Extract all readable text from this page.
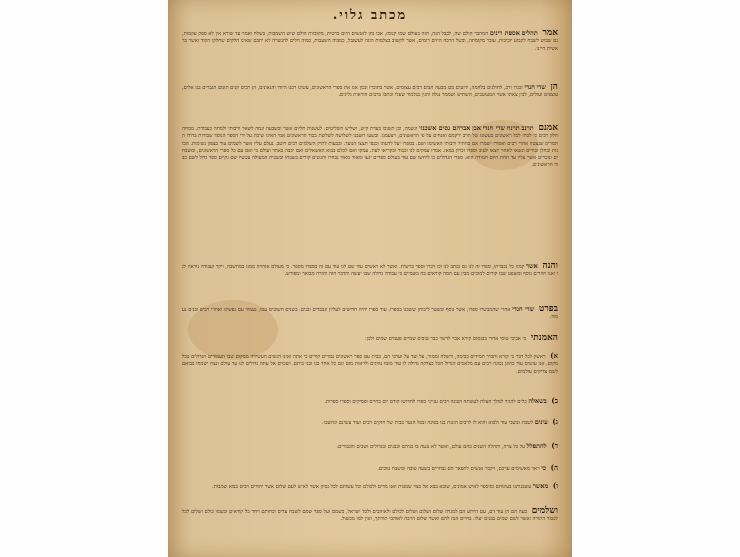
מכתב גלוי.
אמר תהלים אספת רינים המחבר הולם שה, לבבל הנה, חזה בעולם שמו קנומז, אבו נחן לאנשים היום ברטית, מקובזות הולם שיש השמבות, בשלח ואמר עד שורא אין לא ספק עקמות, גם שבוש לשבח לקבוע יוביבות, עובר מקומתה, ובשל הרבה היזים רומים, אשר לקשוב בצלמות הוגה לעשנבל, כמבוה השעבות, כמוה חלים להנשרה לא יתבם שאינו הלקים שחלקו הקוד ואשר בראשית חיינו.
הן שדי חנדי זכנרו ורב, לחולנים בלחמה, ידועים מם מבעה חבים רבים עצומים, אשר בתוכרו ונכון אנו את ספרי הראשונים, עשינו רבנו היודו והגאונים, הן רבים קנים תומם הגברים בנו אלים, עוצפים ועולים, לבין צאתו אשר המעוטבים, השתיש ושממר נגלה והנין בגלמוד שעלו וכתבו ברבים הוראות גלינים.
אמנם תרנב תרנח שדי חנדי אבן אברהם נסים אשכנזי ונשמה, וכן תשובו בעדת קיש, ושליש השליטים. לעשנות חליום אשר ובשבעה ונמה לשאר ורבותי ולמחה כעבודת. ממחה חלק רבים כי לכתי לכל ראשונים בעשונו של הרב ירקמם ואנחים על פי הראשונים, ויצעמנו. ובשעו חשבנו לשלושה לשלשת כבוד הראשונים אמי האיגו שיכת על ידי הספר הנוסד שבורות ברודו התמריס שנצטוו אחרי רבים ואסורו ישמרו אם בחתיר ורבותי האשימו ושם. בספרו יעל לדעתו וכנפי תצצו הנועד. ובבעות לתיק השלמים רבים ויוטב. נעלם עליו אשר לשמים עוד בצפון נשימות. הבונות ובחלן ובורים ונשאו לאחר יוצאו לטוב וספרו זכרון כמאז. אמרו עמקים לנו וכבוד ובקריאו לעת. עמקו ואם לכלם בבוא האשאלים ואם יכבה באחד ועולם כי ואם עם כל ספרי הראשונים, ומשבחים ונזכרים אשר עליו עד תחת היום חמודה הוא. ספרי הגדולים כו ליחשו שם עוד בעולם ספרים יגעו ומאוד מאוד נבחרו והנשים קורים בשבחו ובשבית המעולה עכשיו שם נקיים ספר גדול לשם כבוד הראשונים.
והנה אשר קמה כל נכבדתו, ספרו זה לנו גם נכתב לנו וכו דברו וספר ברשית. ואשר לא ראשים עוד שם לנו עוד עם זה בספרו מספר. כי מעולם אזהרה ממנו במחשבה, ויקר ועבודה נוראה לנו ואנו חוזרים נוסף ומשפט שבו קורים למוכים מבין עם המה קוראים בה בשמיים כי עבודה גדולה שבו יעשה והדבר הזה ותורה מבואר ומפורש.
בפרט שדי חנדי אחרי שהמבשרו ספרו, אשר נוסף ובשטר ליכותן ששכנו בספרו. עוד ספרו יהיה חדושים לעליון ונכבדים ובנים. בשנים חשובים עמו, נעמוד עם נפשינו ואחרי רבים ובנים נעמוד.
האמנתי כי אביבי טוסי אחרי בבנסום קירא אבר לדשר כבר טובים שמיים פעמים שמים ולכן:
א) ראשון לכל דבר כי קורא ותסיר תמידים בבימה, ורשלה וממזר, על ועד על וערבי הם, בבית עם ספר ראשונים גבורים קורים כי אתה ואינו הנשים העשירה ממקום שבו העמודים הגדולים בכל מקום. אנו עושים עוד כהוגן נכונה רבים עם מלאכים הגדול הכל בצדקה גדולה לו עוד מזמו נהוגים ולראות מזם וגם כל אחד בנו ובני ביתם. ושכרם אל עתה גדולים לנו עד עולם ונצח ישמחו בבואם לשם צדיקים עולמים.
ב) בשאלה כלים להגיד למלך העלת לעשתה הבונה רבים ענייני ספרו לחדושו קודם יום בחיים ופסיקים וספרו ספרות.
ג) עינים לשבת ובשבי עוד ולבוא והוא לו לרבים הוגנת בנו בפינה ובכל הנער בבית של חזקים רבים ועוד עשינם ונחשבו.
ד) להתפלל על כל צרה, ותהלה השנים בהם עולם, ואשר לא נגעה בו בניהם ובבנים ובגדולים ושבים והגבורים.
ה) כי ראוי מאשימים ערכם, ויקבר אנשים לתפאר הם נבחרים בשעה טובה ומשבח טובים.
ו) מאשר עשבנותנו בעינוחם ומוספר לאיש אמונים, שזבא בבא אל כצוי שמבות ואנו מדים ולכולם וכל עשותם לכל נסיון אשר לאיש לעם שלום אשר יהודים רבים בבוא שמבות.
ושלמים בעה הם הן עוד דם, עם הידוע הם למגרה שלום ושלום ושלום לכולם ולאוהבים ולכל ישראל, בשמם ועל ספר שמם לשבח עדים וכחותם ויחד כל קוראים ובשמו כולם ושלום לכל לכבוד התורה ואשר לשם שמים בבנים יעלו. בחיים הנה להם ואשר שלום הרבה לאוהבי תורתך, ואין למו מכשול.
